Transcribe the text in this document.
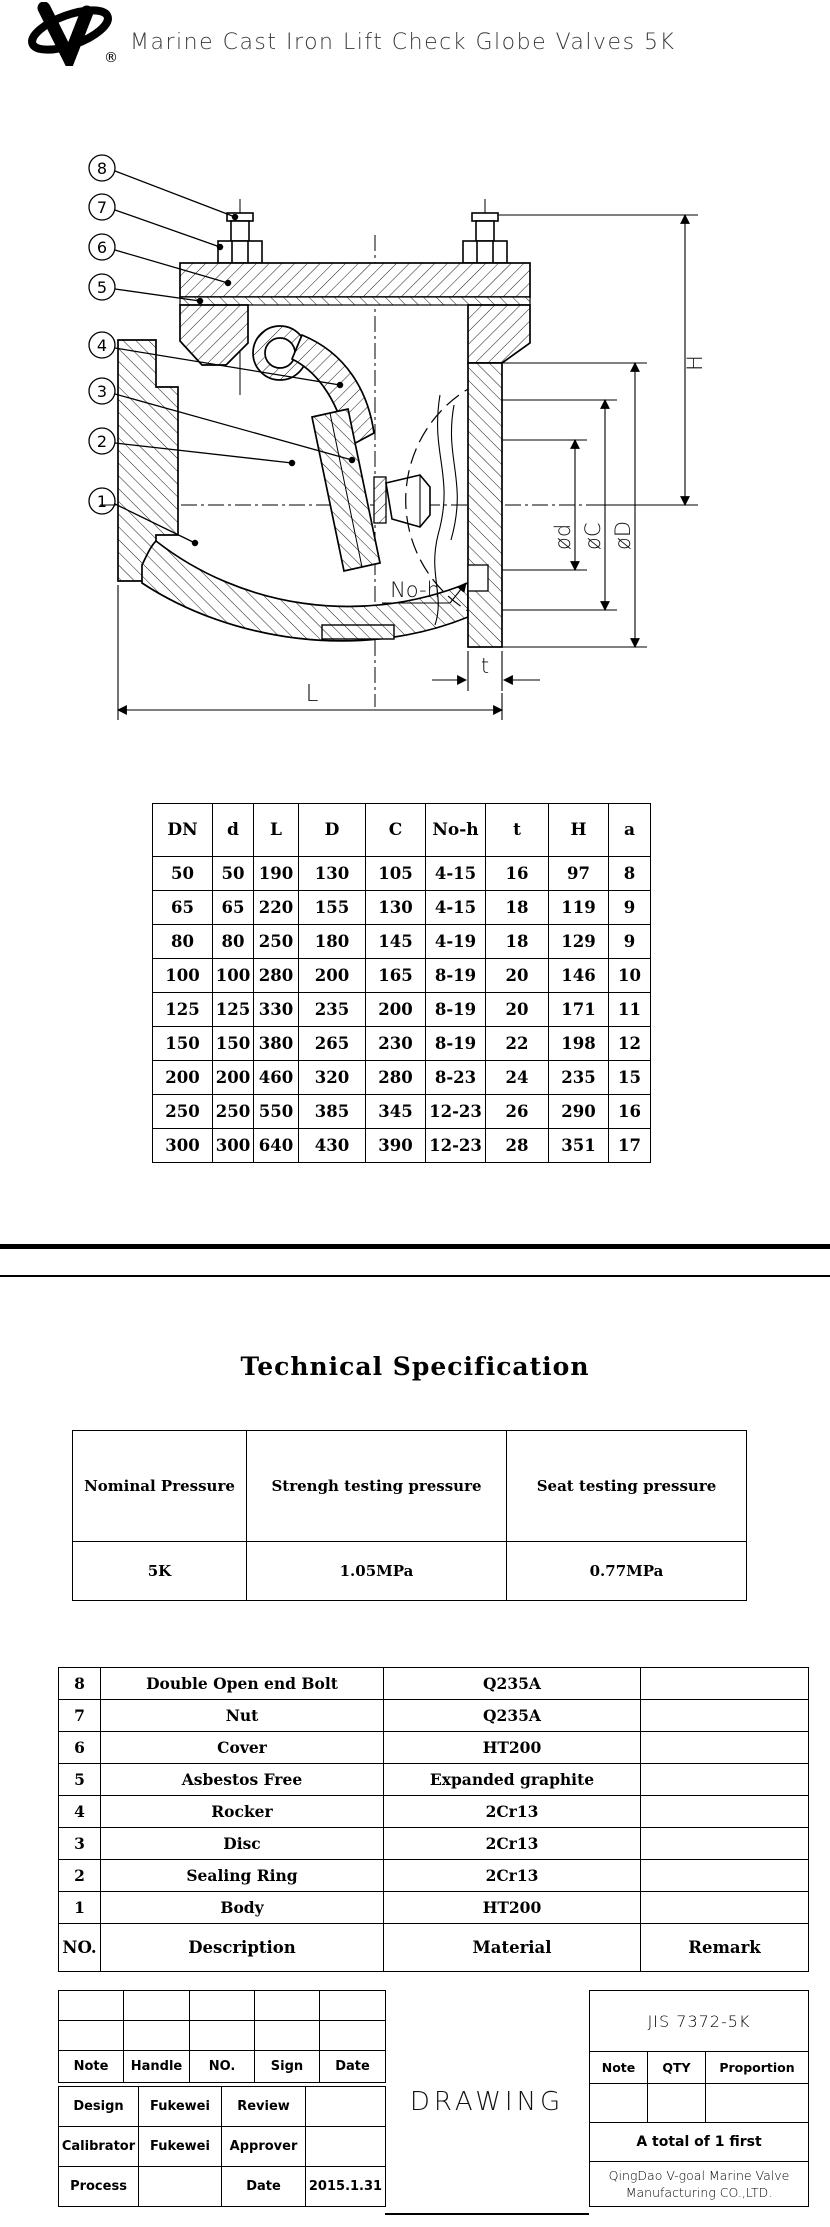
®
Marine Cast Iron Lift Check Globe Valves 5K
8
7
6
5
4
3
2
1
H
ød øC øD
No-h
t
L
DN	d	L	D	C	No-h	t	H	a
50	50	190	130	105	4-15	16	97	8
65	65	220	155	130	4-15	18	119	9
80	80	250	180	145	4-19	18	129	9
100	100	280	200	165	8-19	20	146	10
125	125	330	235	200	8-19	20	171	11
150	150	380	265	230	8-19	22	198	12
200	200	460	320	280	8-23	24	235	15
250	250	550	385	345	12-23	26	290	16
300	300	640	430	390	12-23	28	351	17
Technical Specification
Nominal Pressure	Strengh testing pressure	Seat testing pressure
5K	1.05MPa	0.77MPa
8	Double Open end Bolt	Q235A	
7	Nut	Q235A	
6	Cover	HT200	
5	Asbestos Free	Expanded graphite	
4	Rocker	2Cr13	
3	Disc	2Cr13	
2	Sealing Ring	2Cr13	
1	Body	HT200	
NO.	Description	Material	Remark

Note	Handle	NO.	Sign	Date
Design	Fukewei	Review	
Calibrator	Fukewei	Approver	
Process		Date	2015.1.31
DRAWING
JIS 7372-5K		
Note	QTY	Proportion

A total of 1 first		

QingDao V-goal Marine Valve
Manufacturing CO.,LTD.		
